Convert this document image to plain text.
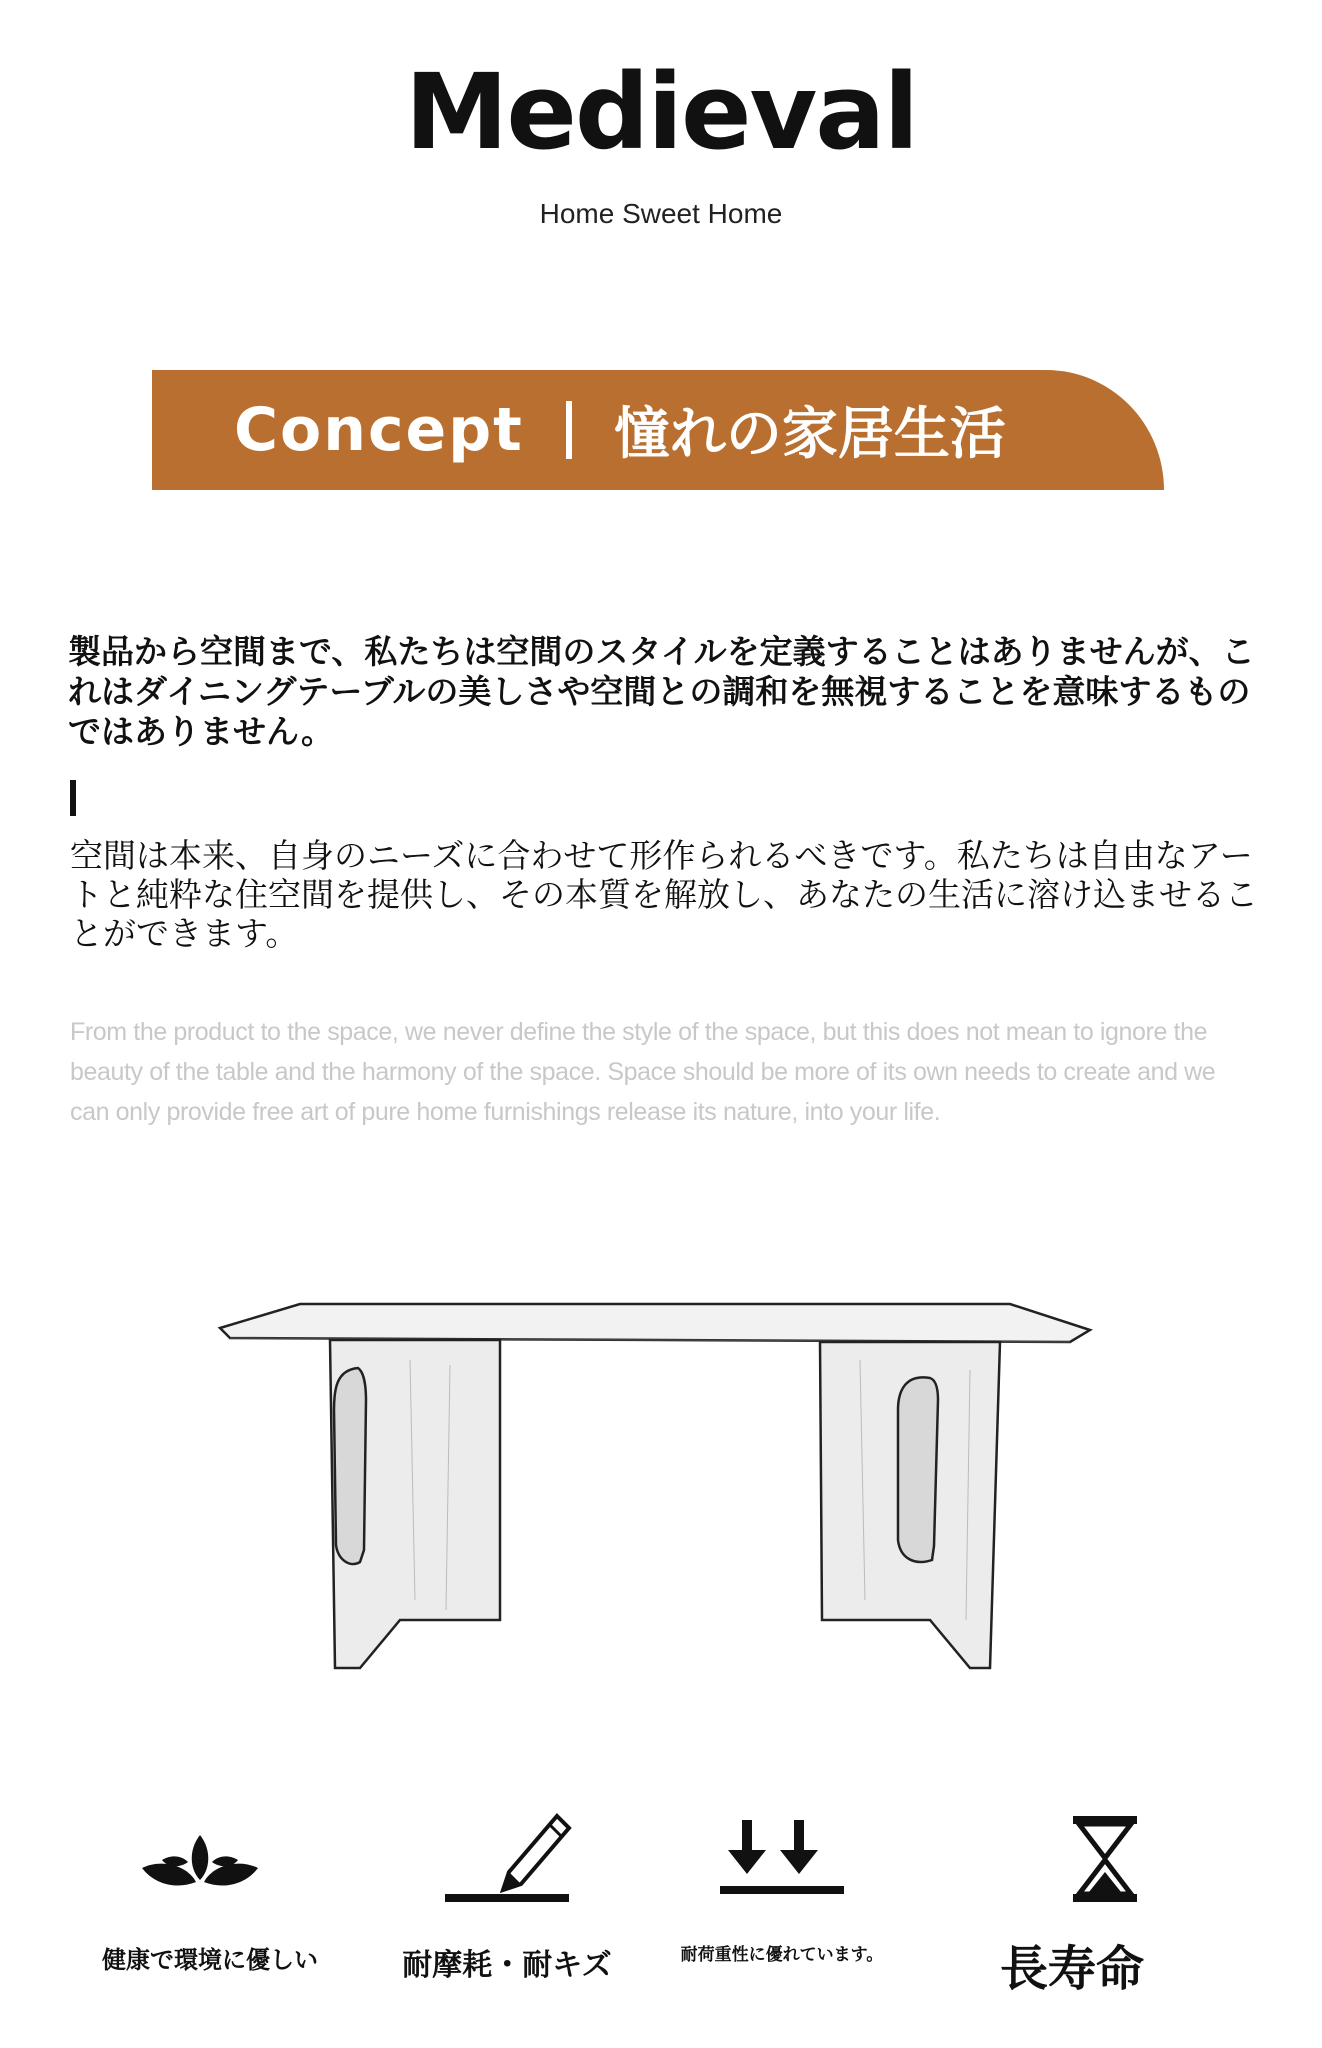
Medieval
Home Sweet Home
Concept 憧れの家居生活
製品から空間まで、私たちは空間のスタイルを定義することはありませんが、これはダイニングテーブルの美しさや空間との調和を無視することを意味するものではありません。
空間は本来、自身のニーズに合わせて形作られるべきです。私たちは自由なアートと純粋な住空間を提供し、その本質を解放し、あなたの生活に溶け込ませることができます。
From the product to the space, we never define the style of the space, but this does not mean to ignore the beauty of the table and the harmony of the space. Space should be more of its own needs to create and we can only provide free art of pure home furnishings release its nature, into your life.
健康で環境に優しい	耐摩耗・耐キズ	耐荷重性に優れています。	長寿命
